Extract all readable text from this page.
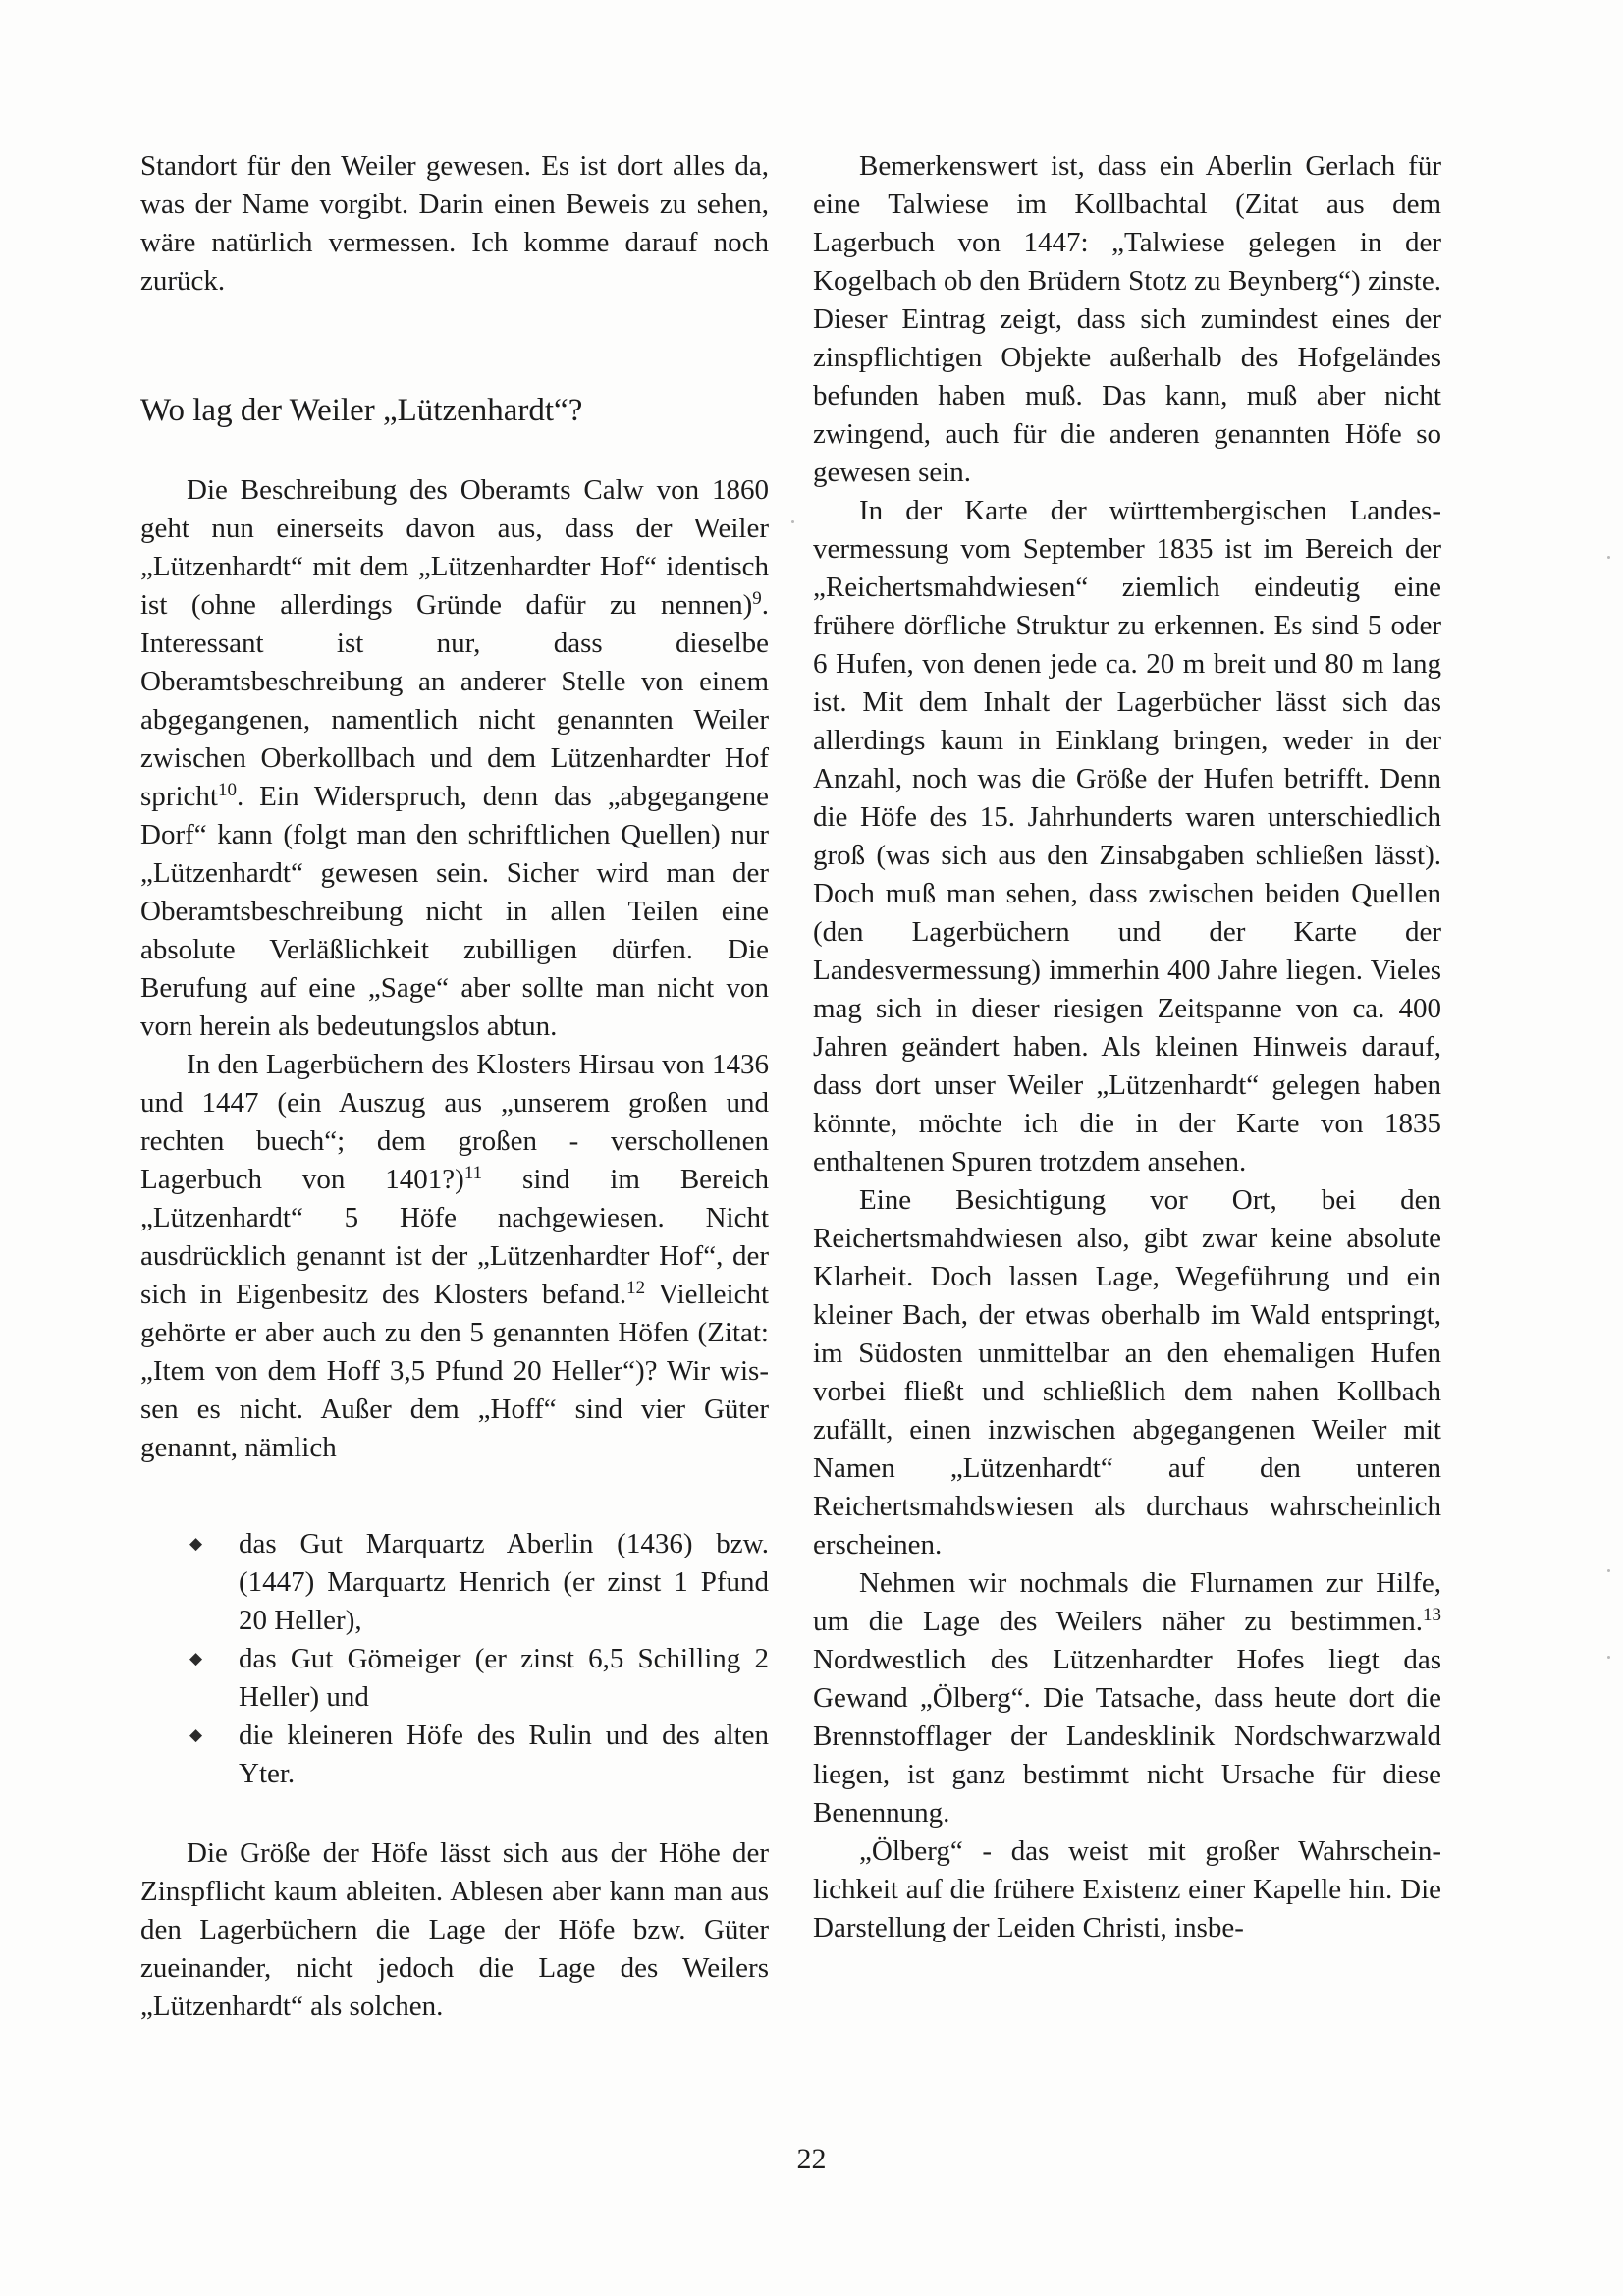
Standort für den Weiler gewesen. Es ist dort alles da, was der Name vorgibt. Darin einen Beweis zu sehen, wäre natürlich vermessen. Ich komme darauf noch zurück.

Wo lag der Weiler „Lützenhardt“?

Die Beschreibung des Oberamts Calw von 1860 geht nun einerseits davon aus, dass der Weiler „Lützenhardt“ mit dem „Lützenhardter Hof“ identisch ist (ohne allerdings Gründe dafür zu nennen)$^9$. Interessant ist nur, dass dieselbe Oberamtsbeschreibung an anderer Stelle von einem abgegangenen, namentlich nicht genannten Weiler zwischen Oberkollbach und dem Lützenhardter Hof spricht$^{10}$. Ein Widerspruch, denn das „abgegangene Dorf“ kann (folgt man den schriftlichen Quellen) nur „Lützenhardt“ gewesen sein. Sicher wird man der Oberamtsbeschreibung nicht in allen Teilen eine absolute Verläßlichkeit zubilligen dürfen. Die Berufung auf eine „Sage“ aber sollte man nicht von vorn herein als bedeutungslos abtun.

In den Lagerbüchern des Klosters Hirsau von 1436 und 1447 (ein Auszug aus „unserem großen und rechten buech“; dem großen - verschollenen Lagerbuch von 1401?)$^{11}$ sind im Bereich „Lützenhardt“ 5 Höfe nachgewiesen. Nicht ausdrücklich genannt ist der „Lützenhardter Hof“, der sich in Eigenbesitz des Klosters befand.$^{12}$ Vielleicht gehörte er aber auch zu den 5 genannten Höfen (Zitat: „Item von dem Hoff 3,5 Pfund 20 Heller“)? Wir wissen es nicht. Außer dem „Hoff“ sind vier Güter genannt, nämlich

◆ das Gut Marquartz Aberlin (1436) bzw. (1447) Marquartz Henrich (er zinst 1 Pfund 20 Heller),
◆ das Gut Gömeiger (er zinst 6,5 Schilling 2 Heller) und
◆ die kleineren Höfe des Rulin und des alten Yter.

Die Größe der Höfe lässt sich aus der Höhe der Zinspflicht kaum ableiten. Ablesen aber kann man aus den Lagerbüchern die Lage der Höfe bzw. Güter zueinander, nicht jedoch die Lage des Weilers „Lützenhardt“ als solchen.

Bemerkenswert ist, dass ein Aberlin Gerlach für eine Talwiese im Kollbachtal (Zitat aus dem Lagerbuch von 1447: „Talwiese gelegen in der Kogelbach ob den Brüdern Stotz zu Beynberg“) zinste. Dieser Eintrag zeigt, dass sich zumindest eines der zinspflichtigen Objekte außerhalb des Hofgeländes befunden haben muß. Das kann, muß aber nicht zwingend, auch für die anderen genannten Höfe so gewesen sein.

In der Karte der württembergischen Landesvermessung vom September 1835 ist im Bereich der „Reichertsmahdwiesen“ ziemlich eindeutig eine frühere dörfliche Struktur zu erkennen. Es sind 5 oder 6 Hufen, von denen jede ca. 20 m breit und 80 m lang ist. Mit dem Inhalt der Lagerbücher lässt sich das allerdings kaum in Einklang bringen, weder in der Anzahl, noch was die Größe der Hufen betrifft. Denn die Höfe des 15. Jahrhunderts waren unterschiedlich groß (was sich aus den Zinsabgaben schließen lässt). Doch muß man sehen, dass zwischen beiden Quellen (den Lagerbüchern und der Karte der Landesvermessung) immerhin 400 Jahre liegen. Vieles mag sich in dieser riesigen Zeitspanne von ca. 400 Jahren geändert haben. Als kleinen Hinweis darauf, dass dort unser Weiler „Lützenhardt“ gelegen haben könnte, möchte ich die in der Karte von 1835 enthaltenen Spuren trotzdem ansehen.

Eine Besichtigung vor Ort, bei den Reichertsmahdwiesen also, gibt zwar keine absolute Klarheit. Doch lassen Lage, Wegeführung und ein kleiner Bach, der etwas oberhalb im Wald entspringt, im Südosten unmittelbar an den ehemaligen Hufen vorbei fließt und schließlich dem nahen Kollbach zufällt, einen inzwischen abgegangenen Weiler mit Namen „Lützenhardt“ auf den unteren Reichertsmahdswiesen als durchaus wahrscheinlich erscheinen.

Nehmen wir nochmals die Flurnamen zur Hilfe, um die Lage des Weilers näher zu bestimmen.$^{13}$ Nordwestlich des Lützenhardter Hofes liegt das Gewand „Ölberg“. Die Tatsache, dass heute dort die Brennstofflager der Landesklinik Nordschwarzwald liegen, ist ganz bestimmt nicht Ursache für diese Benennung.

„Ölberg“ - das weist mit großer Wahrscheinlichkeit auf die frühere Existenz einer Kapelle hin. Die Darstellung der Leiden Christi, insbe-

22
